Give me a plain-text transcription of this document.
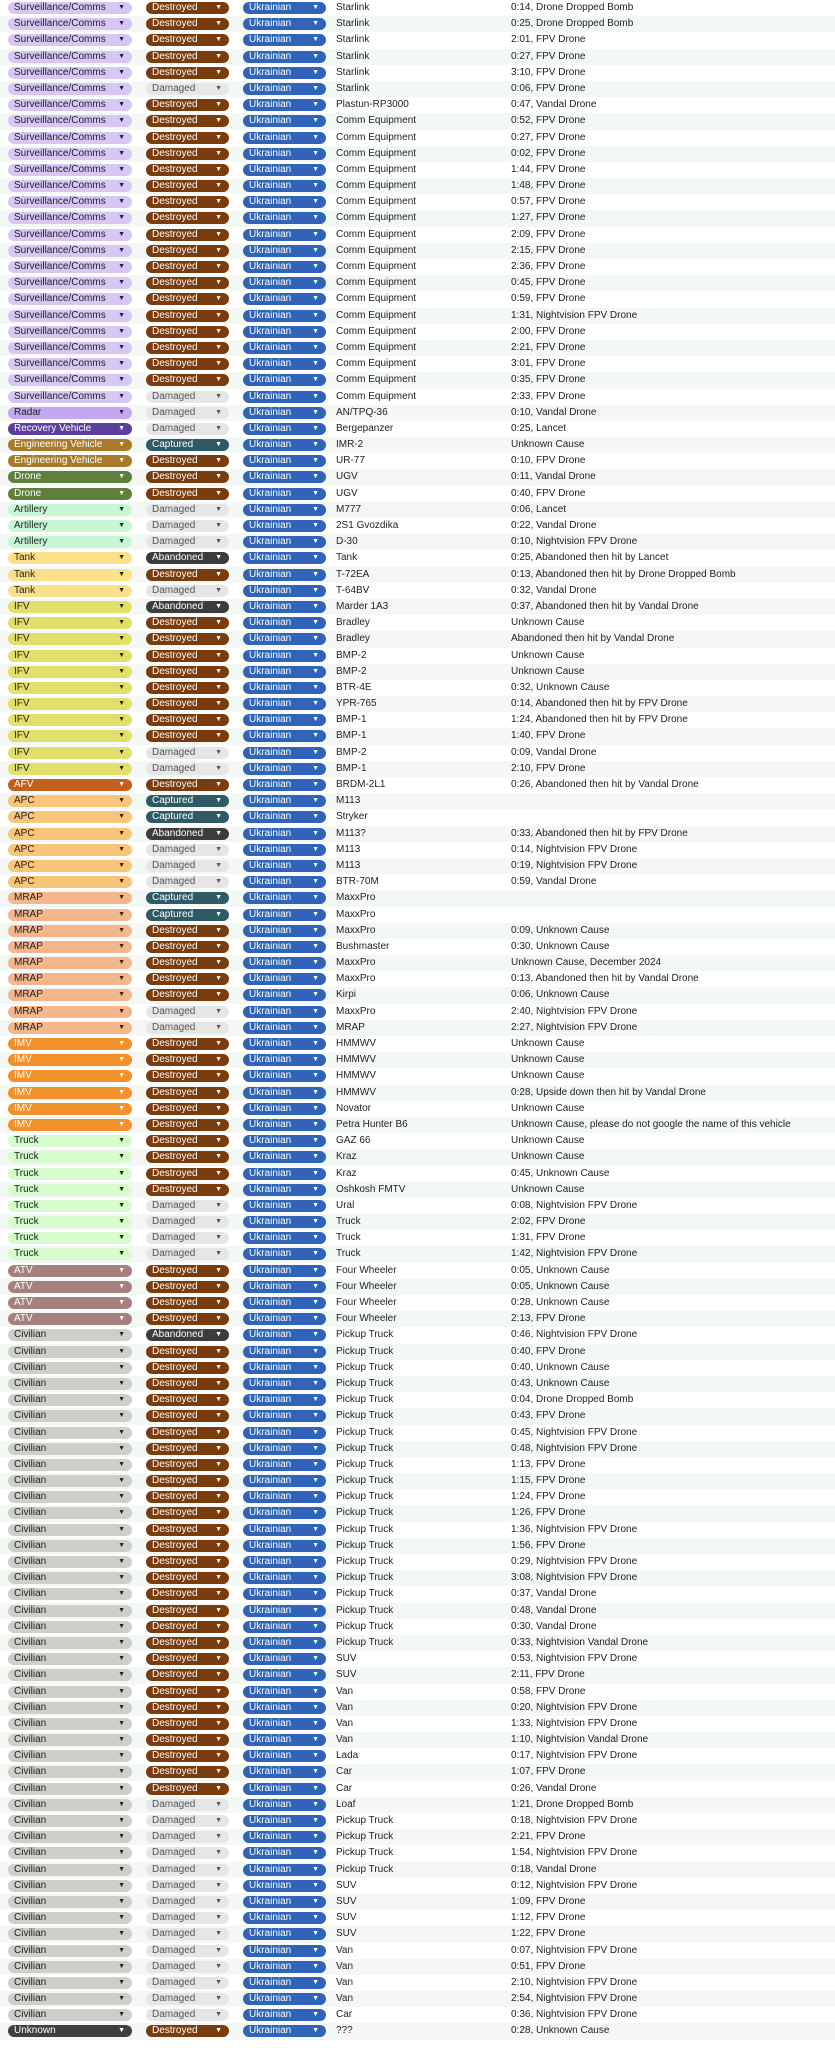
Surveillance/Comms ▼	Destroyed ▼	Ukrainian	▼ Starlink	0:14, Drone Dropped Bomb
Surveillance/Comms ▼	Destroyed ▼	Ukrainian	▼ Starlink	0:25, Drone Dropped Bomb
Surveillance/Comms ▼	Destroyed ▼	Ukrainian	▼ Starlink	2:01, FPV Drone
Surveillance/Comms ▼	Destroyed ▼	Ukrainian	▼ Starlink	0:27, FPV Drone
Surveillance/Comms ▼	Destroyed ▼	Ukrainian	▼ Starlink	3:10, FPV Drone
Surveillance/Comms ▼	Damaged	▼	Ukrainian	▼ Starlink	0:06, FPV Drone
Surveillance/Comms ▼	Destroyed ▼	Ukrainian	▼ Plastun-RP3000	0:47, Vandal Drone
Surveillance/Comms ▼	Destroyed ▼	Ukrainian	▼ Comm Equipment	0:52, FPV Drone
Surveillance/Comms ▼	Destroyed ▼	Ukrainian	▼ Comm Equipment	0:27, FPV Drone
Surveillance/Comms ▼	Destroyed ▼	Ukrainian	▼ Comm Equipment	0:02, FPV Drone
Surveillance/Comms ▼	Destroyed ▼	Ukrainian	▼ Comm Equipment	1:44, FPV Drone
Surveillance/Comms ▼	Destroyed ▼	Ukrainian	▼ Comm Equipment	1:48, FPV Drone
Surveillance/Comms ▼	Destroyed ▼	Ukrainian	▼ Comm Equipment	0:57, FPV Drone
Surveillance/Comms ▼	Destroyed ▼	Ukrainian	▼ Comm Equipment	1:27, FPV Drone
Surveillance/Comms ▼	Destroyed ▼	Ukrainian	▼ Comm Equipment	2:09, FPV Drone
Surveillance/Comms ▼	Destroyed ▼	Ukrainian	▼ Comm Equipment	2:15, FPV Drone
Surveillance/Comms ▼	Destroyed ▼	Ukrainian	▼ Comm Equipment	2:36, FPV Drone
Surveillance/Comms ▼	Destroyed ▼	Ukrainian	▼ Comm Equipment	0:45, FPV Drone
Surveillance/Comms ▼	Destroyed ▼	Ukrainian	▼ Comm Equipment	0:59, FPV Drone
Surveillance/Comms ▼	Destroyed ▼	Ukrainian	▼ Comm Equipment	1:31, Nightvision FPV Drone
Surveillance/Comms ▼	Destroyed ▼	Ukrainian	▼ Comm Equipment	2:00, FPV Drone
Surveillance/Comms ▼	Destroyed ▼	Ukrainian	▼ Comm Equipment	2:21, FPV Drone
Surveillance/Comms ▼	Destroyed ▼	Ukrainian	▼ Comm Equipment	3:01, FPV Drone
Surveillance/Comms ▼	Destroyed ▼	Ukrainian	▼ Comm Equipment	0:35, FPV Drone
Surveillance/Comms ▼	Damaged	▼	Ukrainian	▼ Comm Equipment	2:33, FPV Drone
Radar	▼	Damaged	▼	Ukrainian	▼ AN/TPQ-36	0:10, Vandal Drone
Recovery Vehicle	▼	Damaged	▼	Ukrainian	▼ Bergepanzer	0:25, Lancet
Engineering Vehicle ▼	Captured	▼	Ukrainian	▼ IMR-2	Unknown Cause
Engineering Vehicle ▼	Destroyed ▼	Ukrainian	▼ UR-77	0:10, FPV Drone
Drone	▼	Destroyed ▼	Ukrainian	▼ UGV	0:11, Vandal Drone
Drone	▼	Destroyed ▼	Ukrainian	▼ UGV	0:40, FPV Drone
Artillery	▼	Damaged	▼	Ukrainian	▼ M777	0:06, Lancet
Artillery	▼	Damaged	▼	Ukrainian	▼ 2S1 Gvozdika	0:22, Vandal Drone
Artillery	▼	Damaged	▼	Ukrainian	▼ D-30	0:10, Nightvision FPV Drone
Tank	▼	Abandoned ▼	Ukrainian	▼ Tank	0:25, Abandoned then hit by Lancet
Tank	▼	Destroyed ▼	Ukrainian	▼ T-72EA	0:13, Abandoned then hit by Drone Dropped Bomb
Tank	▼	Damaged	▼	Ukrainian	▼ T-64BV	0:32, Vandal Drone
IFV	▼	Abandoned ▼	Ukrainian	▼ Marder 1A3	0:37, Abandoned then hit by Vandal Drone
IFV	▼	Destroyed ▼	Ukrainian	▼ Bradley	Unknown Cause
IFV	▼	Destroyed ▼	Ukrainian	▼ Bradley	Abandoned then hit by Vandal Drone
IFV	▼	Destroyed ▼	Ukrainian	▼ BMP-2	Unknown Cause
IFV	▼	Destroyed ▼	Ukrainian	▼ BMP-2	Unknown Cause
IFV	▼	Destroyed ▼	Ukrainian	▼ BTR-4E	0:32, Unknown Cause
IFV	▼	Destroyed ▼	Ukrainian	▼ YPR-765	0:14, Abandoned then hit by FPV Drone
IFV	▼	Destroyed ▼	Ukrainian	▼ BMP-1	1:24, Abandoned then hit by FPV Drone
IFV	▼	Destroyed ▼	Ukrainian	▼ BMP-1	1:40, FPV Drone
IFV	▼	Damaged	▼	Ukrainian	▼ BMP-2	0:09, Vandal Drone
IFV	▼	Damaged	▼	Ukrainian	▼ BMP-1	2:10, FPV Drone
AFV	▼	Destroyed ▼	Ukrainian	▼ BRDM-2L1	0:26, Abandoned then hit by Vandal Drone
APC	▼	Captured	▼	Ukrainian	▼ M113
APC	▼	Captured	▼	Ukrainian	▼ Stryker
APC	▼	Abandoned ▼	Ukrainian	▼ M113?	0:33, Abandoned then hit by FPV Drone
APC	▼	Damaged	▼	Ukrainian	▼ M113	0:14, Nightvision FPV Drone
APC	▼	Damaged	▼	Ukrainian	▼ M113	0:19, Nightvision FPV Drone
APC	▼	Damaged	▼	Ukrainian	▼ BTR-70M	0:59, Vandal Drone
MRAP	▼	Captured	▼	Ukrainian	▼ MaxxPro
MRAP	▼	Captured	▼	Ukrainian	▼ MaxxPro
MRAP	▼	Destroyed ▼	Ukrainian	▼ MaxxPro	0:09, Unknown Cause
MRAP	▼	Destroyed ▼	Ukrainian	▼ Bushmaster	0:30, Unknown Cause
MRAP	▼	Destroyed ▼	Ukrainian	▼ MaxxPro	Unknown Cause, December 2024
MRAP	▼	Destroyed ▼	Ukrainian	▼ MaxxPro	0:13, Abandoned then hit by Vandal Drone
MRAP	▼	Destroyed ▼	Ukrainian	▼ Kirpi	0:06, Unknown Cause
MRAP	▼	Damaged	▼	Ukrainian	▼ MaxxPro	2:40, Nightvision FPV Drone
MRAP	▼	Damaged	▼	Ukrainian	▼ MRAP	2:27, Nightvision FPV Drone
IMV	▼	Destroyed ▼	Ukrainian	▼ HMMWV	Unknown Cause
IMV	▼	Destroyed ▼	Ukrainian	▼ HMMWV	Unknown Cause
IMV	▼	Destroyed ▼	Ukrainian	▼ HMMWV	Unknown Cause
IMV	▼	Destroyed ▼	Ukrainian	▼ HMMWV	0:28, Upside down then hit by Vandal Drone
IMV	▼	Destroyed ▼	Ukrainian	▼ Novator	Unknown Cause
IMV	▼	Destroyed ▼	Ukrainian	▼ Petra Hunter B6	Unknown Cause, please do not google the name of this vehicle
Truck	▼	Destroyed ▼	Ukrainian	▼ GAZ 66	Unknown Cause
Truck	▼	Destroyed ▼	Ukrainian	▼ Kraz	Unknown Cause
Truck	▼	Destroyed ▼	Ukrainian	▼ Kraz	0:45, Unknown Cause
Truck	▼	Destroyed ▼	Ukrainian	▼ Oshkosh FMTV	Unknown Cause
Truck	▼	Damaged	▼	Ukrainian	▼ Ural	0:08, Nightvision FPV Drone
Truck	▼	Damaged	▼	Ukrainian	▼ Truck	2:02, FPV Drone
Truck	▼	Damaged	▼	Ukrainian	▼ Truck	1:31, FPV Drone
Truck	▼	Damaged	▼	Ukrainian	▼ Truck	1:42, Nightvision FPV Drone
ATV	▼	Destroyed ▼	Ukrainian	▼ Four Wheeler	0:05, Unknown Cause
ATV	▼	Destroyed ▼	Ukrainian	▼ Four Wheeler	0:05, Unknown Cause
ATV	▼	Destroyed ▼	Ukrainian	▼ Four Wheeler	0:28, Unknown Cause
ATV	▼	Destroyed ▼	Ukrainian	▼ Four Wheeler	2:13, FPV Drone
Civilian	▼	Abandoned ▼	Ukrainian	▼ Pickup Truck	0:46, Nightvision FPV Drone
Civilian	▼	Destroyed ▼	Ukrainian	▼ Pickup Truck	0:40, FPV Drone
Civilian	▼	Destroyed ▼	Ukrainian	▼ Pickup Truck	0:40, Unknown Cause
Civilian	▼	Destroyed ▼	Ukrainian	▼ Pickup Truck	0:43, Unknown Cause
Civilian	▼	Destroyed ▼	Ukrainian	▼ Pickup Truck	0:04, Drone Dropped Bomb
Civilian	▼	Destroyed ▼	Ukrainian	▼ Pickup Truck	0:43, FPV Drone
Civilian	▼	Destroyed ▼	Ukrainian	▼ Pickup Truck	0:45, Nightvision FPV Drone
Civilian	▼	Destroyed ▼	Ukrainian	▼ Pickup Truck	0:48, Nightvision FPV Drone
Civilian	▼	Destroyed ▼	Ukrainian	▼ Pickup Truck	1:13, FPV Drone
Civilian	▼	Destroyed ▼	Ukrainian	▼ Pickup Truck	1:15, FPV Drone
Civilian	▼	Destroyed ▼	Ukrainian	▼ Pickup Truck	1:24, FPV Drone
Civilian	▼	Destroyed ▼	Ukrainian	▼ Pickup Truck	1:26, FPV Drone
Civilian	▼	Destroyed ▼	Ukrainian	▼ Pickup Truck	1:36, Nightvision FPV Drone
Civilian	▼	Destroyed ▼	Ukrainian	▼ Pickup Truck	1:56, FPV Drone
Civilian	▼	Destroyed ▼	Ukrainian	▼ Pickup Truck	0:29, Nightvision FPV Drone
Civilian	▼	Destroyed ▼	Ukrainian	▼ Pickup Truck	3:08, Nightvision FPV Drone
Civilian	▼	Destroyed ▼	Ukrainian	▼ Pickup Truck	0:37, Vandal Drone
Civilian	▼	Destroyed ▼	Ukrainian	▼ Pickup Truck	0:48, Vandal Drone
Civilian	▼	Destroyed ▼	Ukrainian	▼ Pickup Truck	0:30, Vandal Drone
Civilian	▼	Destroyed ▼	Ukrainian	▼ Pickup Truck	0:33, Nightvision Vandal Drone
Civilian	▼	Destroyed ▼	Ukrainian	▼ SUV	0:53, Nightvision FPV Drone
Civilian	▼	Destroyed ▼	Ukrainian	▼ SUV	2:11, FPV Drone
Civilian	▼	Destroyed ▼	Ukrainian	▼ Van	0:58, FPV Drone
Civilian	▼	Destroyed ▼	Ukrainian	▼ Van	0:20, Nightvision FPV Drone
Civilian	▼	Destroyed ▼	Ukrainian	▼ Van	1:33, Nightvision FPV Drone
Civilian	▼	Destroyed ▼	Ukrainian	▼ Van	1:10, Nightvision Vandal Drone
Civilian	▼	Destroyed ▼	Ukrainian	▼ Lada	0:17, Nightvision FPV Drone
Civilian	▼	Destroyed ▼	Ukrainian	▼ Car	1:07, FPV Drone
Civilian	▼	Destroyed ▼	Ukrainian	▼ Car	0:26, Vandal Drone
Civilian	▼	Damaged	▼	Ukrainian	▼ Loaf	1:21, Drone Dropped Bomb
Civilian	▼	Damaged	▼	Ukrainian	▼ Pickup Truck	0:18, Nightvision FPV Drone
Civilian	▼	Damaged	▼	Ukrainian	▼ Pickup Truck	2:21, FPV Drone
Civilian	▼	Damaged	▼	Ukrainian	▼ Pickup Truck	1:54, Nightvision FPV Drone
Civilian	▼	Damaged	▼	Ukrainian	▼ Pickup Truck	0:18, Vandal Drone
Civilian	▼	Damaged	▼	Ukrainian	▼ SUV	0:12, Nightvision FPV Drone
Civilian	▼	Damaged	▼	Ukrainian	▼ SUV	1:09, FPV Drone
Civilian	▼	Damaged	▼	Ukrainian	▼ SUV	1:12, FPV Drone
Civilian	▼	Damaged	▼	Ukrainian	▼ SUV	1:22, FPV Drone
Civilian	▼	Damaged	▼	Ukrainian	▼ Van	0:07, Nightvision FPV Drone
Civilian	▼	Damaged	▼	Ukrainian	▼ Van	0:51, FPV Drone
Civilian	▼	Damaged	▼	Ukrainian	▼ Van	2:10, Nightvision FPV Drone
Civilian	▼	Damaged	▼	Ukrainian	▼ Van	2:54, Nightvision FPV Drone
Civilian	▼	Damaged	▼	Ukrainian	▼ Car	0:36, Nightvision FPV Drone
Unknown	▼	Destroyed ▼	Ukrainian	▼ ???	0:28, Unknown Cause
